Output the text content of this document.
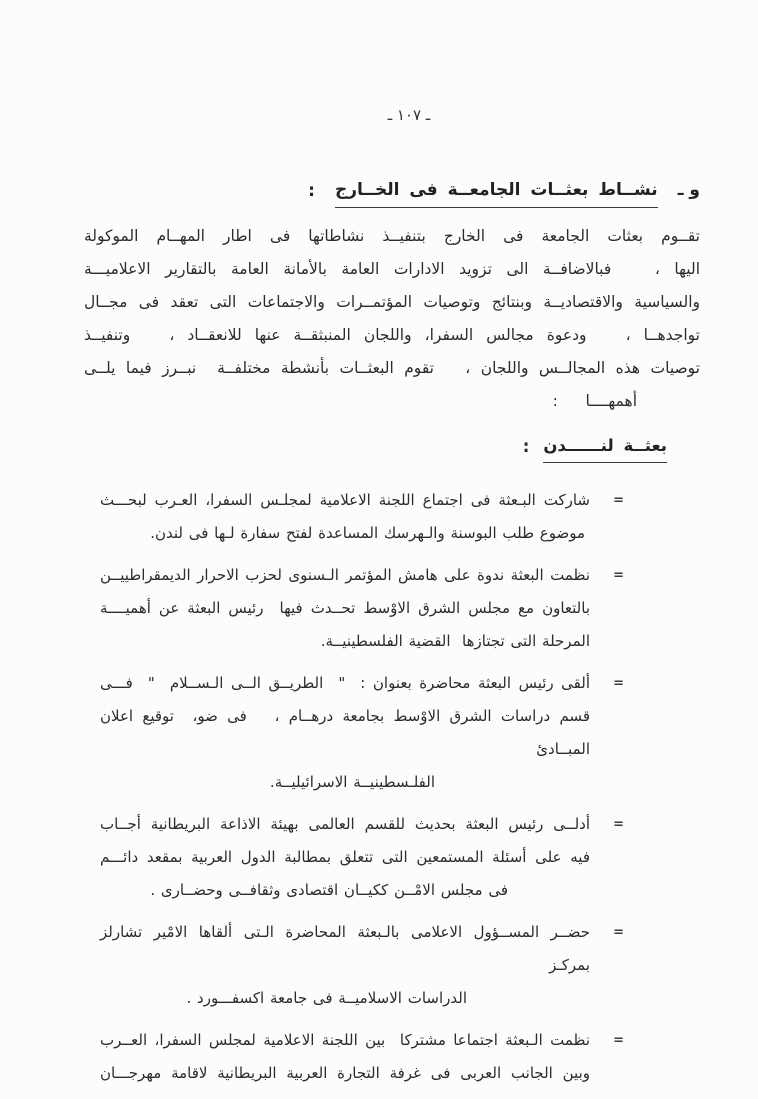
ـ ١٠٧ ـ
و ـ
نشــاط بعثــات الجامعــة فى الخــارج
:
تقــوم بعثات الجامعة فى الخارج بتنفيــذ نشاطاتها فى اطار المهــام الموكولة
اليها ،   فبالاضافــة الى تزويد الادارات العامة بالأمانة العامة بالتقارير الاعلاميـــة
والسياسية والاقتصاديــة وبنتائج وتوصيات المؤتمــرات والاجتماعات التى تعقد فى مجــال
تواجدهــا ،   ودعوة مجالس السفرا، واللجان المنبثقــة عنها للانعقــاد ،   وتنفيــذ
توصيات هذه المجالــس واللجان ،   تقوم البعثــات بأنشطة مختلفــة  نبــرز فيما يلــى
أهمهــــا    :
بعثــة لنــــــدن
:
=
شاركت البـعثة فى اجتماع اللجنة الاعلامية لمجلـس السفرا، العـرب لبحـــث
موضوع طلب البوسنة والـهرسك المساعدة لفتح سفارة لـها فى لندن.
=
نظمت البعثة ندوة على هامش المؤتمر الـسنوى لحزب الاحرار الديمقراطييــن
بالتعاون مع مجلس الشرق الاوْسط تحــدث فيها  رئيس البعثة عن أهميــــة
المرحلة التى تجتازها  القضية الفلسطينيــة.
=
ألقى رئيس البعثة محاضرة بعنوان :  "  الطريــق الــى الـســلام  "  فـــى
قسم دراسات الشرق الاوْسط بجامعة درهــام ،   فى ضو،  توقيع اعلان المبــادئ
الفلـسطينيــة الاسرائيليــة.
=
أدلــى رئيس البعثة بحديث للقسم العالمى بهيئة الاذاعة البريطانية أجــاب
فيه على أسئلة المستمعين التى تتعلق بمطالبة الدول العربية بمقعد دائـــم
فى مجلس الامْــن ككيــان اقتصادى وثقافــى وحضــارى .
=
حضــر المســؤول الاعلامى بالـبعثة المحاضرة الـتى ألقاها الامْير تشارلز بمركـز
الدراسات الاسلاميــة فى جامعة اكسفـــورد .
=
نظمت الـبعثة اجتماعا مشتركا  بين اللجنة الاعلامية لمجلس السفرا، العــرب
وبين الجانب العربى فى غرفة التجارة العربية البريطانية لاقامة مهرجـــان
